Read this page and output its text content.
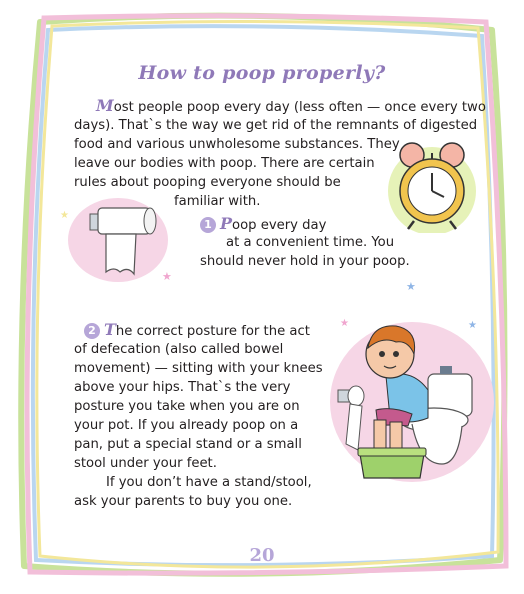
How to poop properly?
Most people poop every day (less often — once every two
days). That`s the way we get rid of the remnants of digested
food and various unwholesome substances. They
leave our bodies with poop. There are certain
rules about pooping everyone should be
familiar with.
★
★
★	★
★
1 Poop every day
at a convenient time. You
should never hold in your poop.
2 The correct posture for the act
of defecation (also called bowel
movement) — sitting with your knees
above your hips. That`s the very
posture you take when you are on
your pot. If you already poop on a
pan, put a special stand or a small
stool under your feet.
If you don’t have a stand/stool,
ask your parents to buy you one.
20
